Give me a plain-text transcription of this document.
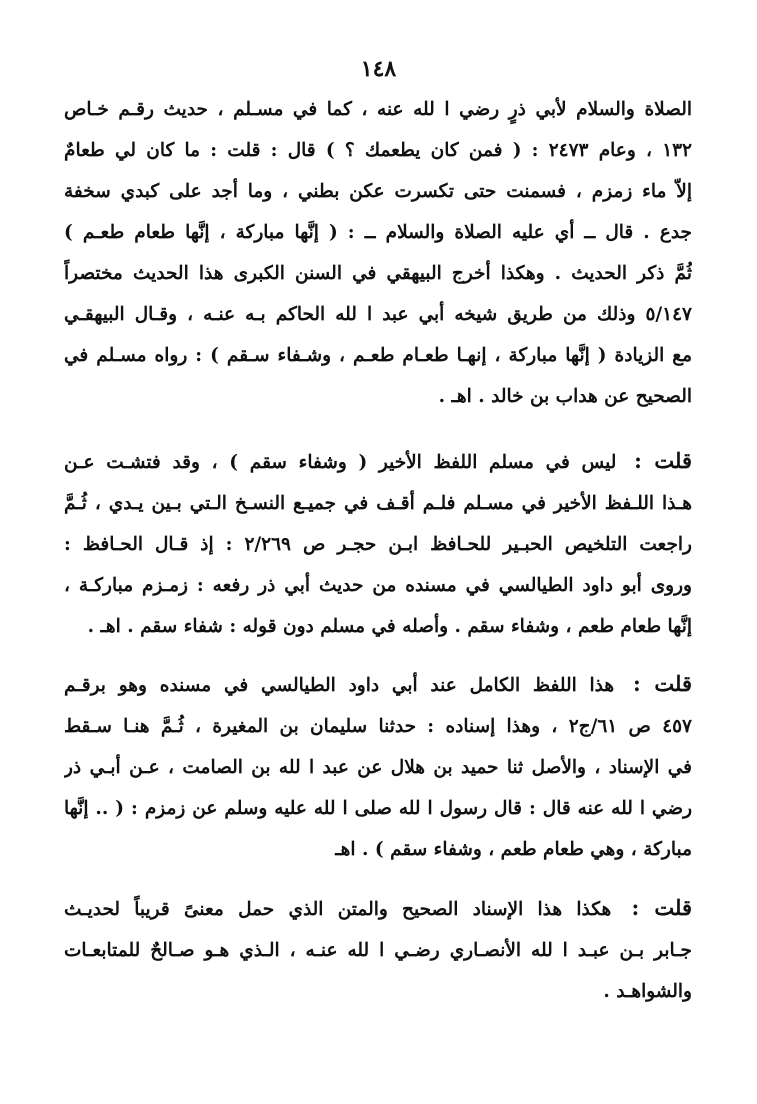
١٤٨
الصلاة والسلام لأبي ذرٍ رضي ا لله عنه ، كما في مسـلم ، حديث رقـم خـاص
١٣٢ ، وعام ٢٤٧٣ : ( فمن كان يطعمك ؟ ) قال : قلت : ما كان لي طعامٌ
إلاّ ماء زمزم ، فسمنت حتى تكسرت عكن بطني ، وما أجد على كبدي سخفة
جدع . قال ــ أي عليه الصلاة والسلام ــ : ( إنَّها مباركة ، إنَّها طعام طعـم )
ثُمَّ ذكر الحديث . وهكذا أخرج البيهقي في السنن الكبرى هذا الحديث مختصراً
٥/١٤٧ وذلك من طريق شيخه أبي عبد ا لله الحاكم بـه عنـه ، وقـال البيهقـي
مع الزيادة ( إنَّها مباركة ، إنهـا طعـام طعـم ، وشـفاء سـقم ) : رواه مسـلم في
الصحيح عن هداب بن خالد . اهـ .
قلت : ليس في مسلم اللفظ الأخير ( وشفاء سقم ) ، وقد فتشـت عـن
هـذا اللـفظ الأخير في مسـلم فلـم أقـف في جميـع النسـخ الـتي بـين يـدي ، ثُـمَّ
راجعت التلخيص الحبـير للحـافظ ابـن حجـر ص ٢/٢٦٩ : إذ قـال الحـافظ :
وروى أبو داود الطيالسي في مسنده من حديث أبي ذر رفعه : زمـزم مباركـة ،
إنَّها طعام طعم ، وشفاء سقم . وأصله في مسلم دون قوله : شفاء سقم . اهـ .
قلت : هذا اللفظ الكامل عند أبي داود الطيالسي في مسنده وهو برقـم
٤٥٧ ص ٦١/ج٢ ، وهذا إسناده : حدثنا سليمان بن المغيرة ، ثُـمَّ هنـا سـقط
في الإسناد ، والأصل ثنا حميد بن هلال عن عبد ا لله بن الصامت ، عـن أبـي ذر
رضي ا لله عنه قال : قال رسول ا لله صلى ا لله عليه وسلم عن زمزم : ( .. إنَّها
مباركة ، وهي طعام طعم ، وشفاء سقم ) . اهـ
قلت : هكذا هذا الإسناد الصحيح والمتن الذي حمل معنىً قريباً لحديـث
جـابر بـن عبـد ا لله الأنصـاري رضـي ا لله عنـه ، الـذي هـو صـالحٌ للمتابعـات
والشواهـد .
